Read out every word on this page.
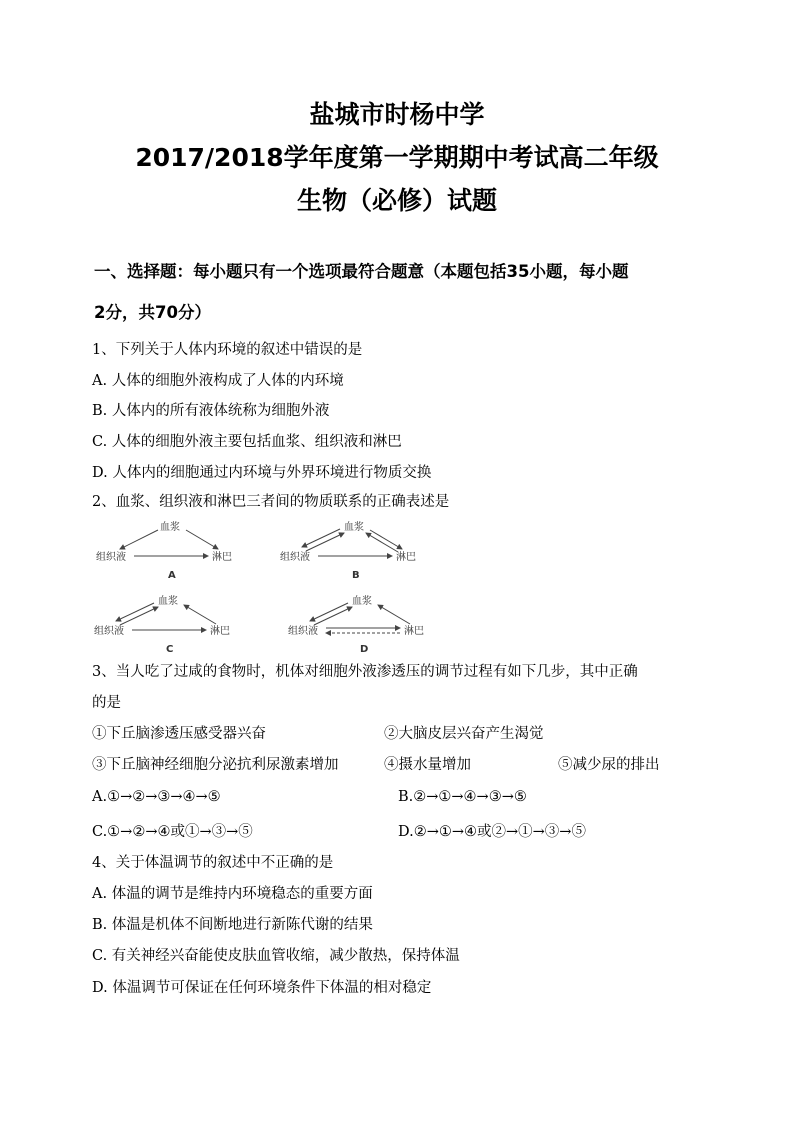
盐城市时杨中学
2017/2018学年度第一学期期中考试高二年级
生物（必修）试题
一、选择题：每小题只有一个选项最符合题意（本题包括35小题，每小题
2分，共70分）
1、下列关于人体内环境的叙述中错误的是
A. 人体的细胞外液构成了人体的内环境
B. 人体内的所有液体统称为细胞外液
C. 人体的细胞外液主要包括血浆、组织液和淋巴
D. 人体内的细胞通过内环境与外界环境进行物质交换
2、血浆、组织液和淋巴三者间的物质联系的正确表述是
血浆
组织液	淋巴
A
血浆
组织液	淋巴
B
血浆
组织液	淋巴
C
血浆
组织液	淋巴
D
3、当人吃了过咸的食物时，机体对细胞外液渗透压的调节过程有如下几步，其中正确
的是
①下丘脑渗透压感受器兴奋	②大脑皮层兴奋产生渴觉
③下丘脑神经细胞分泌抗利尿激素增加	④摄水量增加	⑤减少尿的排出
A.①→②→③→④→⑤	B.②→①→④→③→⑤
C.①→②→④或①→③→⑤	D.②→①→④或②→①→③→⑤
4、关于体温调节的叙述中不正确的是
A. 体温的调节是维持内环境稳态的重要方面
B. 体温是机体不间断地进行新陈代谢的结果
C. 有关神经兴奋能使皮肤血管收缩，减少散热，保持体温
D. 体温调节可保证在任何环境条件下体温的相对稳定
